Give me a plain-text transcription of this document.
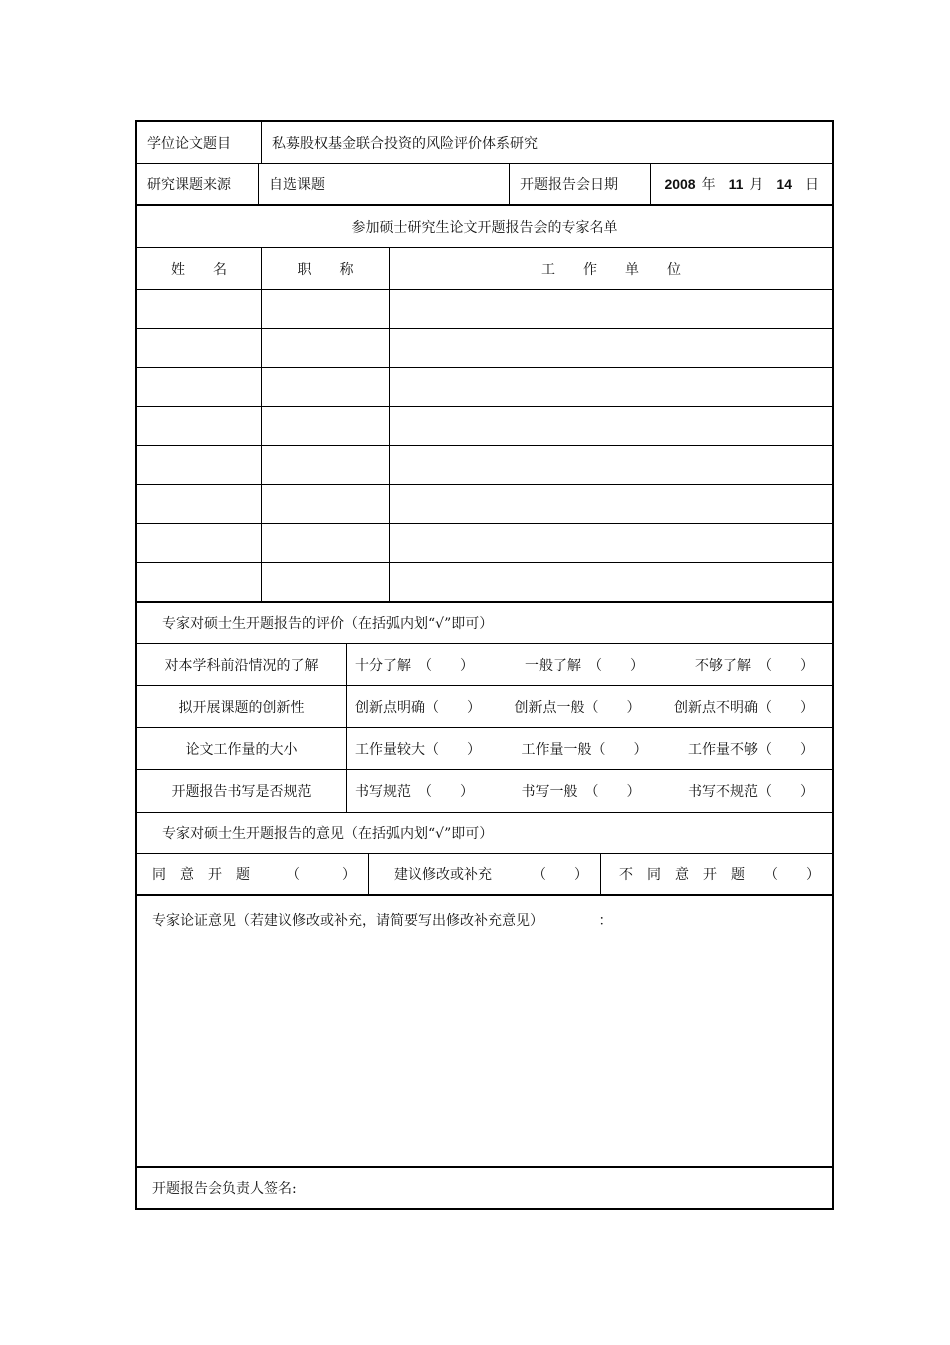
学位论文题目	私募股权基金联合投资的风险评价体系研究
研究课题来源	自选课题	开题报告会日期	2008 年 11 月 14 日
参加硕士研究生论文开题报告会的专家名单
姓　　名	职　　称	工　　作　　单　　位
专家对硕士生开题报告的评价（在括弧内划“√”即可）
对本学科前沿情况的了解	十分了解　（　　）	一般了解　（　　）	不够了解　（　　）
拟开展课题的创新性	创新点明确（　　） 创新点一般（　　） 创新点不明确（　　）
论文工作量的大小	工作量较大（　　）	工作量一般（　　）	工作量不够（　　）
开题报告书写是否规范	书写规范　（　　）	书写一般　（　　）	书写不规范（　　）
专家对硕士生开题报告的意见（在括弧内划“√”即可）
同　意　开　题	（　　　）	建议修改或补充	（　　） 不　同　意　开　题 （　　）
专家论证意见（若建议修改或补充，请简要写出修改补充意见）	：
开题报告会负责人签名:
